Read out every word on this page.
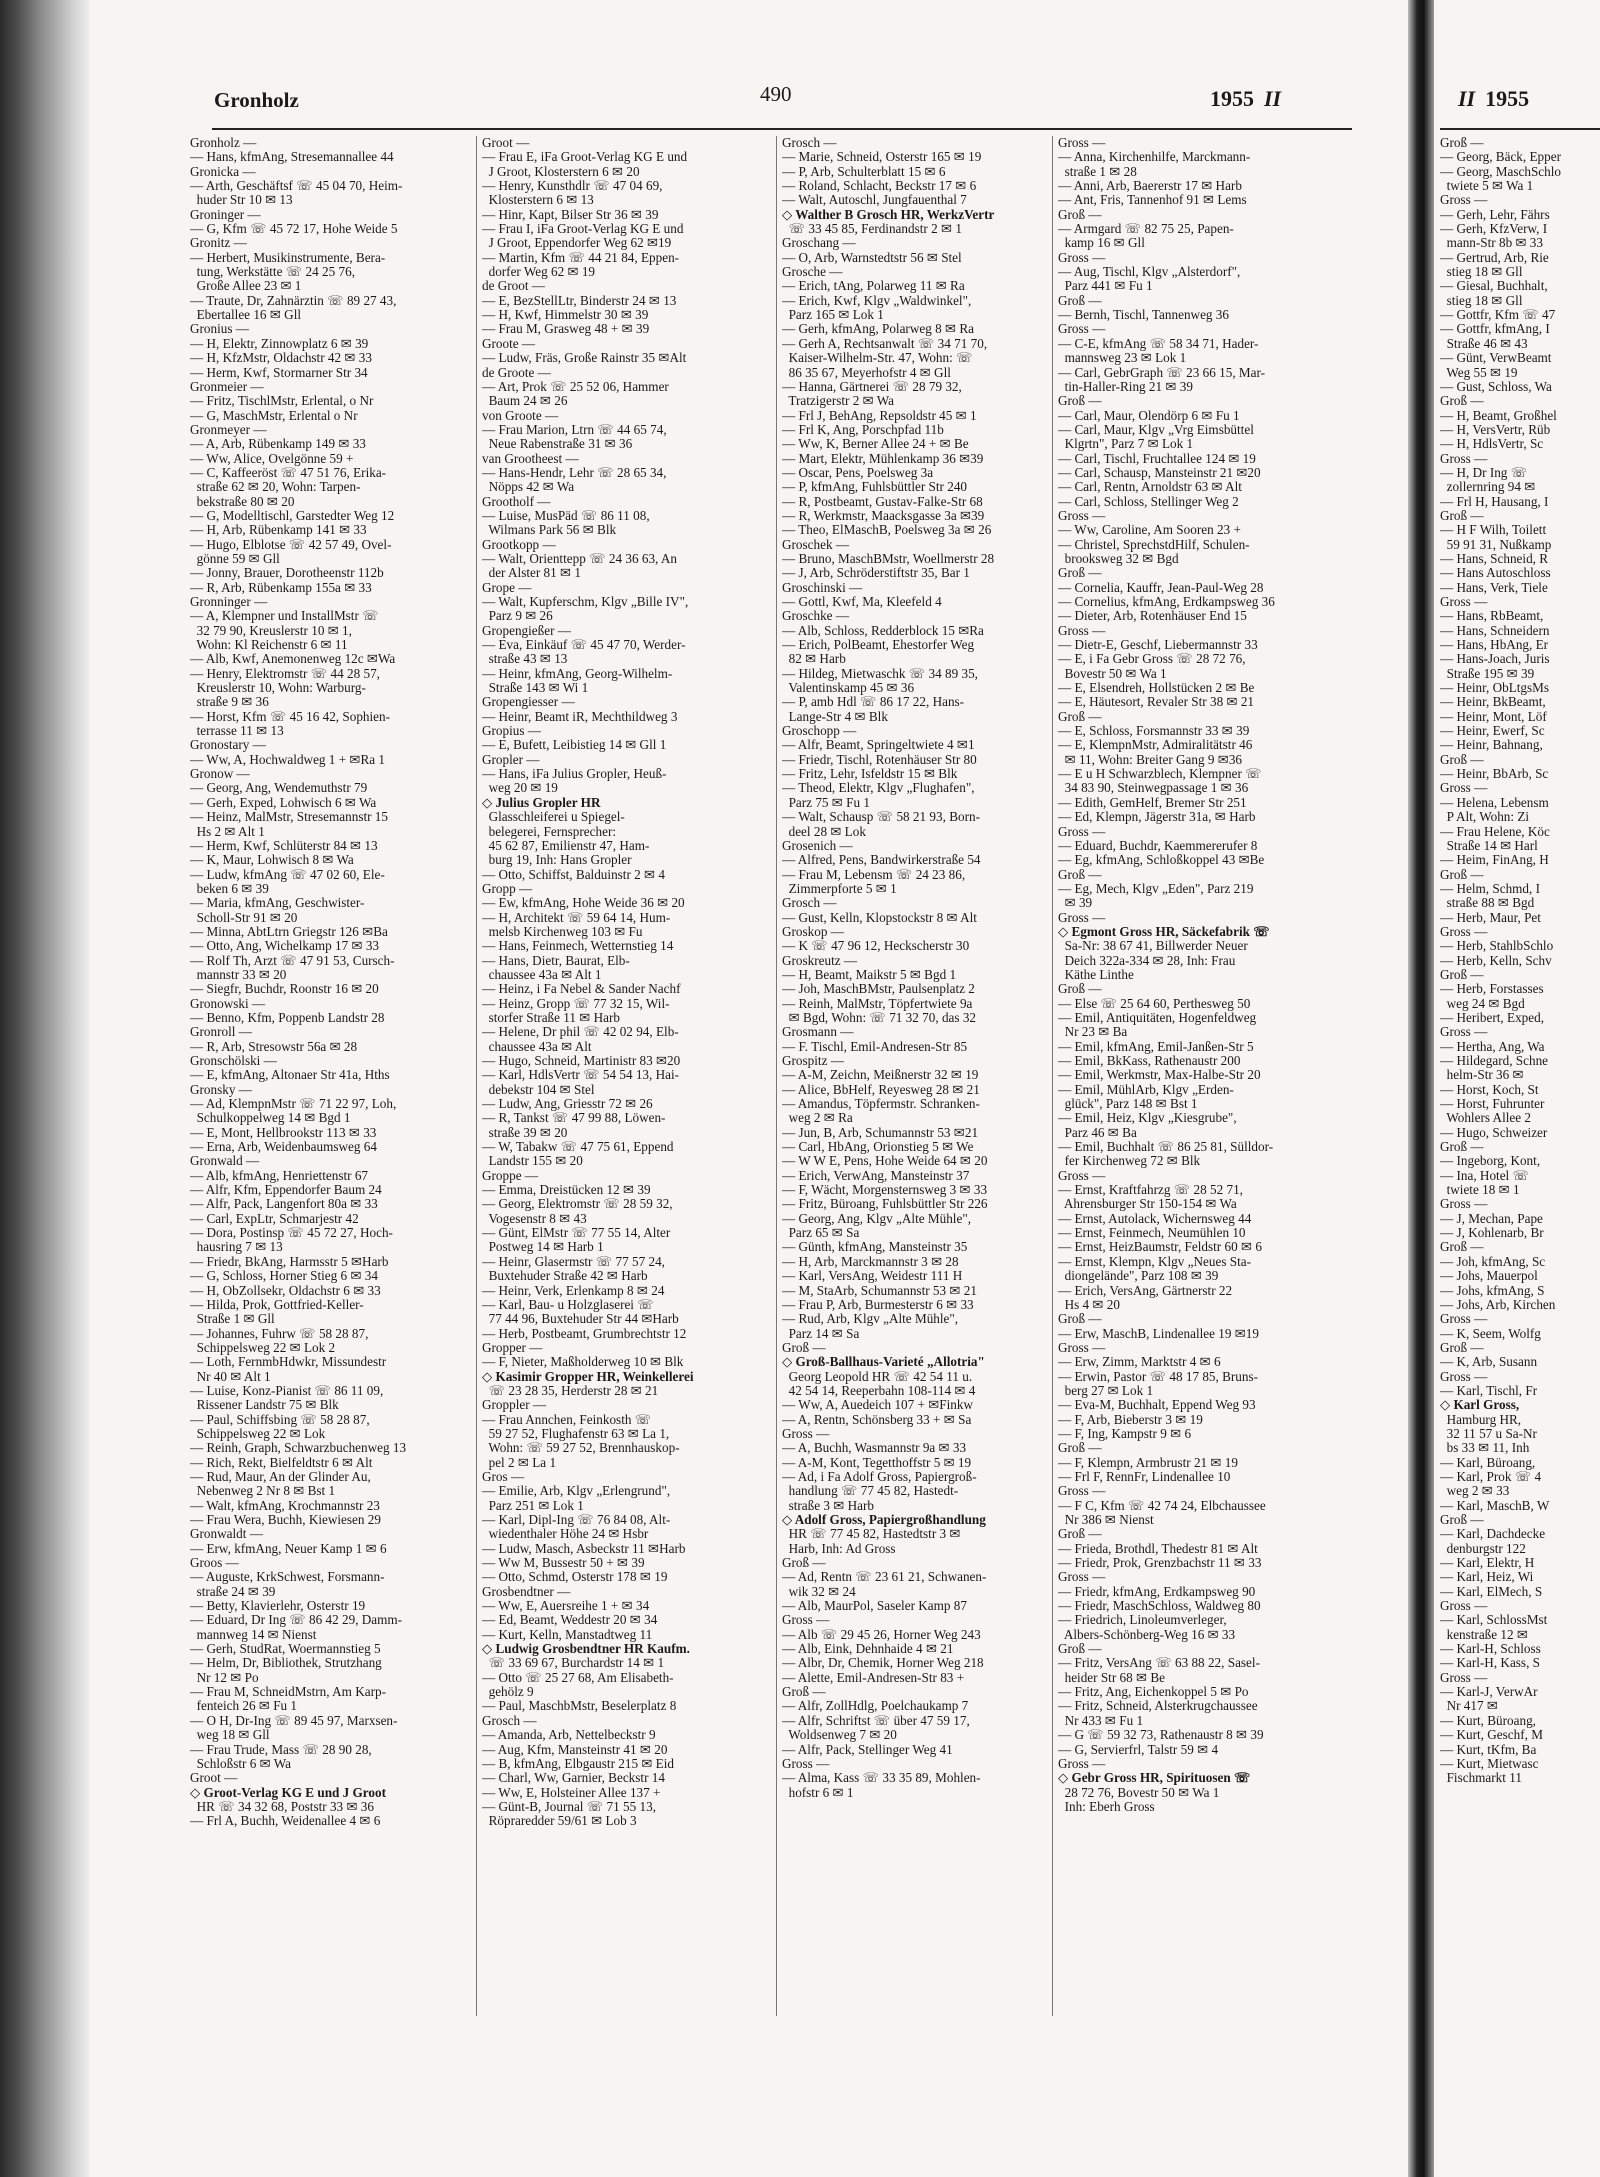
Gronholz	490	1955 II	II 1955
Gronholz —
— Hans, kfmAng, Stresemannallee 44
Gronicka —
— Arth, Geschäftsf ☏ 45 04 70, Heim-
huder Str 10 ✉ 13
Groninger —
— G, Kfm ☏ 45 72 17, Hohe Weide 5
Gronitz —
— Herbert, Musikinstrumente, Bera-
tung, Werkstätte ☏ 24 25 76,
Große Allee 23 ✉ 1
— Traute, Dr, Zahnärztin ☏ 89 27 43,
Ebertallee 16 ✉ Gll
Gronius —
— H, Elektr, Zinnowplatz 6 ✉ 39
— H, KfzMstr, Oldachstr 42 ✉ 33
— Herm, Kwf, Stormarner Str 34
Gronmeier —
— Fritz, TischlMstr, Erlental, o Nr
— G, MaschMstr, Erlental o Nr
Gronmeyer —
— A, Arb, Rübenkamp 149 ✉ 33
— Ww, Alice, Ovelgönne 59 +
— C, Kaffeeröst ☏ 47 51 76, Erika-
straße 62 ✉ 20, Wohn: Tarpen-
bekstraße 80 ✉ 20
— G, Modelltischl, Garstedter Weg 12
— H, Arb, Rübenkamp 141 ✉ 33
— Hugo, Elblotse ☏ 42 57 49, Ovel-
gönne 59 ✉ Gll
— Jonny, Brauer, Dorotheenstr 112b
— R, Arb, Rübenkamp 155a ✉ 33
Gronninger —
— A, Klempner und InstallMstr ☏
32 79 90, Kreuslerstr 10 ✉ 1,
Wohn: Kl Reichenstr 6 ✉ 11
— Alb, Kwf, Anemonenweg 12c ✉Wa
— Henry, Elektromstr ☏ 44 28 57,
Kreuslerstr 10, Wohn: Warburg-
straße 9 ✉ 36
— Horst, Kfm ☏ 45 16 42, Sophien-
terrasse 11 ✉ 13
Gronostary —
— Ww, A, Hochwaldweg 1 + ✉Ra 1
Gronow —
— Georg, Ang, Wendemuthstr 79
— Gerh, Exped, Lohwisch 6 ✉ Wa
— Heinz, MalMstr, Stresemannstr 15
Hs 2 ✉ Alt 1
— Herm, Kwf, Schlüterstr 84 ✉ 13
— K, Maur, Lohwisch 8 ✉ Wa
— Ludw, kfmAng ☏ 47 02 60, Ele-
beken 6 ✉ 39
— Maria, kfmAng, Geschwister-
Scholl-Str 91 ✉ 20
— Minna, AbtLtrn Griegstr 126 ✉Ba
— Otto, Ang, Wichelkamp 17 ✉ 33
— Rolf Th, Arzt ☏ 47 91 53, Cursch-
mannstr 33 ✉ 20
— Siegfr, Buchdr, Roonstr 16 ✉ 20
Gronowski —
— Benno, Kfm, Poppenb Landstr 28
Gronroll —
— R, Arb, Stresowstr 56a ✉ 28
Gronschölski —
— E, kfmAng, Altonaer Str 41a, Hths
Gronsky —
— Ad, KlempnMstr ☏ 71 22 97, Loh,
Schulkoppelweg 14 ✉ Bgd 1
— E, Mont, Hellbrookstr 113 ✉ 33
— Erna, Arb, Weidenbaumsweg 64
Gronwald —
— Alb, kfmAng, Henriettenstr 67
— Alfr, Kfm, Eppendorfer Baum 24
— Alfr, Pack, Langenfort 80a ✉ 33
— Carl, ExpLtr, Schmarjestr 42
— Dora, Postinsp ☏ 45 72 27, Hoch-
hausring 7 ✉ 13
— Friedr, BkAng, Harmsstr 5 ✉Harb
— G, Schloss, Horner Stieg 6 ✉ 34
— H, ObZollsekr, Oldachstr 6 ✉ 33
— Hilda, Prok, Gottfried-Keller-
Straße 1 ✉ Gll
— Johannes, Fuhrw ☏ 58 28 87,
Schippelsweg 22 ✉ Lok 2
— Loth, FernmbHdwkr, Missundestr
Nr 40 ✉ Alt 1
— Luise, Konz-Pianist ☏ 86 11 09,
Rissener Landstr 75 ✉ Blk
— Paul, Schiffsbing ☏ 58 28 87,
Schippelsweg 22 ✉ Lok
— Reinh, Graph, Schwarzbuchenweg 13
— Rich, Rekt, Bielfeldtstr 6 ✉ Alt
— Rud, Maur, An der Glinder Au,
Nebenweg 2 Nr 8 ✉ Bst 1
— Walt, kfmAng, Krochmannstr 23
— Frau Wera, Buchh, Kiewiesen 29
Gronwaldt —
— Erw, kfmAng, Neuer Kamp 1 ✉ 6
Groos —
— Auguste, KrkSchwest, Forsmann-
straße 24 ✉ 39
— Betty, Klavierlehr, Osterstr 19
— Eduard, Dr Ing ☏ 86 42 29, Damm-
mannweg 14 ✉ Nienst
— Gerh, StudRat, Woermannstieg 5
— Helm, Dr, Bibliothek, Strutzhang
Nr 12 ✉ Po
— Frau M, SchneidMstrn, Am Karp-
fenteich 26 ✉ Fu 1
— O H, Dr-Ing ☏ 89 45 97, Marxsen-
weg 18 ✉ Gll
— Frau Trude, Mass ☏ 28 90 28,
Schloßstr 6 ✉ Wa
Groot —
◇ Groot-Verlag KG E und J Groot
HR ☏ 34 32 68, Poststr 33 ✉ 36
— Frl A, Buchh, Weidenallee 4 ✉ 6
Groot —
— Frau E, iFa Groot-Verlag KG E und
J Groot, Klosterstern 6 ✉ 20
— Henry, Kunsthdlr ☏ 47 04 69,
Klosterstern 6 ✉ 13
— Hinr, Kapt, Bilser Str 36 ✉ 39
— Frau I, iFa Groot-Verlag KG E und
J Groot, Eppendorfer Weg 62 ✉19
— Martin, Kfm ☏ 44 21 84, Eppen-
dorfer Weg 62 ✉ 19
de Groot —
— E, BezStellLtr, Binderstr 24 ✉ 13
— H, Kwf, Himmelstr 30 ✉ 39
— Frau M, Grasweg 48 + ✉ 39
Groote —
— Ludw, Fräs, Große Rainstr 35 ✉Alt
de Groote —
— Art, Prok ☏ 25 52 06, Hammer
Baum 24 ✉ 26
von Groote —
— Frau Marion, Ltrn ☏ 44 65 74,
Neue Rabenstraße 31 ✉ 36
van Grootheest —
— Hans-Hendr, Lehr ☏ 28 65 34,
Nöpps 42 ✉ Wa
Grootholf —
— Luise, MusPäd ☏ 86 11 08,
Wilmans Park 56 ✉ Blk
Grootkopp —
— Walt, Orienttepp ☏ 24 36 63, An
der Alster 81 ✉ 1
Grope —
— Walt, Kupferschm, Klgv „Bille IV",
Parz 9 ✉ 26
Gropengießer —
— Eva, Einkäuf ☏ 45 47 70, Werder-
straße 43 ✉ 13
— Heinr, kfmAng, Georg-Wilhelm-
Straße 143 ✉ Wi 1
Gropengiesser —
— Heinr, Beamt iR, Mechthildweg 3
Gropius —
— E, Bufett, Leibistieg 14 ✉ Gll 1
Gropler —
— Hans, iFa Julius Gropler, Heuß-
weg 20 ✉ 19
◇ Julius Gropler HR
Glasschleiferei u Spiegel-
belegerei, Fernsprecher:
45 62 87, Emilienstr 47, Ham-
burg 19, Inh: Hans Gropler
— Otto, Schiffst, Balduinstr 2 ✉ 4
Gropp —
— Ew, kfmAng, Hohe Weide 36 ✉ 20
— H, Architekt ☏ 59 64 14, Hum-
melsb Kirchenweg 103 ✉ Fu
— Hans, Feinmech, Wetternstieg 14
— Hans, Dietr, Baurat, Elb-
chaussee 43a ✉ Alt 1
— Heinz, i Fa Nebel & Sander Nachf
— Heinz, Gropp ☏ 77 32 15, Wil-
storfer Straße 11 ✉ Harb
— Helene, Dr phil ☏ 42 02 94, Elb-
chaussee 43a ✉ Alt
— Hugo, Schneid, Martinistr 83 ✉20
— Karl, HdlsVertr ☏ 54 54 13, Hai-
debekstr 104 ✉ Stel
— Ludw, Ang, Griesstr 72 ✉ 26
— R, Tankst ☏ 47 99 88, Löwen-
straße 39 ✉ 20
— W, Tabakw ☏ 47 75 61, Eppend
Landstr 155 ✉ 20
Groppe —
— Emma, Dreistücken 12 ✉ 39
— Georg, Elektromstr ☏ 28 59 32,
Vogesenstr 8 ✉ 43
— Günt, ElMstr ☏ 77 55 14, Alter
Postweg 14 ✉ Harb 1
— Heinr, Glasermstr ☏ 77 57 24,
Buxtehuder Straße 42 ✉ Harb
— Heinr, Verk, Erlenkamp 8 ✉ 24
— Karl, Bau- u Holzglaserei ☏
77 44 96, Buxtehuder Str 44 ✉Harb
— Herb, Postbeamt, Grumbrechtstr 12
Gropper —
— F, Nieter, Maßholderweg 10 ✉ Blk
◇ Kasimir Gropper HR, Weinkellerei
☏ 23 28 35, Herderstr 28 ✉ 21
Groppler —
— Frau Annchen, Feinkosth ☏
59 27 52, Flughafenstr 63 ✉ La 1,
Wohn: ☏ 59 27 52, Brennhauskop-
pel 2 ✉ La 1
Gros —
— Emilie, Arb, Klgv „Erlengrund",
Parz 251 ✉ Lok 1
— Karl, Dipl-Ing ☏ 76 84 08, Alt-
wiedenthaler Höhe 24 ✉ Hsbr
— Ludw, Masch, Asbeckstr 11 ✉Harb
— Ww M, Bussestr 50 + ✉ 39
— Otto, Schmd, Osterstr 178 ✉ 19
Grosbendtner —
— Ww, E, Auersreihe 1 + ✉ 34
— Ed, Beamt, Weddestr 20 ✉ 34
— Kurt, Kelln, Manstadtweg 11
◇ Ludwig Grosbendtner HR Kaufm.
☏ 33 69 67, Burchardstr 14 ✉ 1
— Otto ☏ 25 27 68, Am Elisabeth-
gehölz 9
— Paul, MaschbMstr, Beselerplatz 8
Grosch —
— Amanda, Arb, Nettelbeckstr 9
— Aug, Kfm, Mansteinstr 41 ✉ 20
— B, kfmAng, Elbgaustr 215 ✉ Eid
— Charl, Ww, Garnier, Beckstr 14
— Ww, E, Holsteiner Allee 137 +
— Günt-B, Journal ☏ 71 55 13,
Röpraredder 59/61 ✉ Lob 3
Grosch —
— Marie, Schneid, Osterstr 165 ✉ 19
— P, Arb, Schulterblatt 15 ✉ 6
— Roland, Schlacht, Beckstr 17 ✉ 6
— Walt, Autoschl, Jungfauenthal 7
◇ Walther B Grosch HR, WerkzVertr
☏ 33 45 85, Ferdinandstr 2 ✉ 1
Groschang —
— O, Arb, Warnstedtstr 56 ✉ Stel
Grosche —
— Erich, tAng, Polarweg 11 ✉ Ra
— Erich, Kwf, Klgv „Waldwinkel",
Parz 165 ✉ Lok 1
— Gerh, kfmAng, Polarweg 8 ✉ Ra
— Gerh A, Rechtsanwalt ☏ 34 71 70,
Kaiser-Wilhelm-Str. 47, Wohn: ☏
86 35 67, Meyerhofstr 4 ✉ Gll
— Hanna, Gärtnerei ☏ 28 79 32,
Tratzigerstr 2 ✉ Wa
— Frl J, BehAng, Repsoldstr 45 ✉ 1
— Frl K, Ang, Porschpfad 11b
— Ww, K, Berner Allee 24 + ✉ Be
— Mart, Elektr, Mühlenkamp 36 ✉39
— Oscar, Pens, Poelsweg 3a
— P, kfmAng, Fuhlsbüttler Str 240
— R, Postbeamt, Gustav-Falke-Str 68
— R, Werkmstr, Maacksgasse 3a ✉39
— Theo, ElMaschB, Poelsweg 3a ✉ 26
Groschek —
— Bruno, MaschBMstr, Woellmerstr 28
— J, Arb, Schröderstiftstr 35, Bar 1
Groschinski —
— Gottl, Kwf, Ma, Kleefeld 4
Groschke —
— Alb, Schloss, Redderblock 15 ✉Ra
— Erich, PolBeamt, Ehestorfer Weg
82 ✉ Harb
— Hildeg, Mietwaschk ☏ 34 89 35,
Valentinskamp 45 ✉ 36
— P, amb Hdl ☏ 86 17 22, Hans-
Lange-Str 4 ✉ Blk
Groschopp —
— Alfr, Beamt, Springeltwiete 4 ✉1
— Friedr, Tischl, Rotenhäuser Str 80
— Fritz, Lehr, Isfeldstr 15 ✉ Blk
— Theod, Elektr, Klgv „Flughafen",
Parz 75 ✉ Fu 1
— Walt, Schausp ☏ 58 21 93, Born-
deel 28 ✉ Lok
Grosenich —
— Alfred, Pens, Bandwirkerstraße 54
— Frau M, Lebensm ☏ 24 23 86,
Zimmerpforte 5 ✉ 1
Grosch —
— Gust, Kelln, Klopstockstr 8 ✉ Alt
Groskop —
— K ☏ 47 96 12, Heckscherstr 30
Groskreutz —
— H, Beamt, Maikstr 5 ✉ Bgd 1
— Joh, MaschBMstr, Paulsenplatz 2
— Reinh, MalMstr, Töpfertwiete 9a
✉ Bgd, Wohn: ☏ 71 32 70, das 32
Grosmann —
— F. Tischl, Emil-Andresen-Str 85
Grospitz —
— A-M, Zeichn, Meißnerstr 32 ✉ 19
— Alice, BbHelf, Reyesweg 28 ✉ 21
— Amandus, Töpfermstr. Schranken-
weg 2 ✉ Ra
— Jun, B, Arb, Schumannstr 53 ✉21
— Carl, HbAng, Orionstieg 5 ✉ We
— W W E, Pens, Hohe Weide 64 ✉ 20
— Erich, VerwAng, Mansteinstr 37
— F, Wächt, Morgensternsweg 3 ✉ 33
— Fritz, Büroang, Fuhlsbüttler Str 226
— Georg, Ang, Klgv „Alte Mühle",
Parz 65 ✉ Sa
— Günth, kfmAng, Mansteinstr 35
— H, Arb, Marckmannstr 3 ✉ 28
— Karl, VersAng, Weidestr 111 H
— M, StaArb, Schumannstr 53 ✉ 21
— Frau P, Arb, Burmesterstr 6 ✉ 33
— Rud, Arb, Klgv „Alte Mühle",
Parz 14 ✉ Sa
Groß —
◇ Groß-Ballhaus-Varieté „Allotria"
Georg Leopold HR ☏ 42 54 11 u.
42 54 14, Reeperbahn 108-114 ✉ 4
— Ww, A, Auedeich 107 + ✉Finkw
— A, Rentn, Schönsberg 33 + ✉ Sa
Gross —
— A, Buchh, Wasmannstr 9a ✉ 33
— A-M, Kont, Tegetthoffstr 5 ✉ 19
— Ad, i Fa Adolf Gross, Papiergroß-
handlung ☏ 77 45 82, Hastedt-
straße 3 ✉ Harb
◇ Adolf Gross, Papiergroßhandlung
HR ☏ 77 45 82, Hastedtstr 3 ✉
Harb, Inh: Ad Gross
Groß —
— Ad, Rentn ☏ 23 61 21, Schwanen-
wik 32 ✉ 24
— Alb, MaurPol, Saseler Kamp 87
Gross —
— Alb ☏ 29 45 26, Horner Weg 243
— Alb, Eink, Dehnhaide 4 ✉ 21
— Albr, Dr, Chemik, Horner Weg 218
— Alette, Emil-Andresen-Str 83 +
Groß —
— Alfr, ZollHdlg, Poelchaukamp 7
— Alfr, Schriftst ☏ über 47 59 17,
Woldsenweg 7 ✉ 20
— Alfr, Pack, Stellinger Weg 41
Gross —
— Alma, Kass ☏ 33 35 89, Mohlen-
hofstr 6 ✉ 1
Gross —
— Anna, Kirchenhilfe, Marckmann-
straße 1 ✉ 28
— Anni, Arb, Baererstr 17 ✉ Harb
— Ant, Fris, Tannenhof 91 ✉ Lems
Groß —
— Armgard ☏ 82 75 25, Papen-
kamp 16 ✉ Gll
Gross —
— Aug, Tischl, Klgv „Alsterdorf",
Parz 441 ✉ Fu 1
Groß —
— Bernh, Tischl, Tannenweg 36
Gross —
— C-E, kfmAng ☏ 58 34 71, Hader-
mannsweg 23 ✉ Lok 1
— Carl, GebrGraph ☏ 23 66 15, Mar-
tin-Haller-Ring 21 ✉ 39
Groß —
— Carl, Maur, Olendörp 6 ✉ Fu 1
— Carl, Maur, Klgv „Vrg Eimsbüttel
Klgrtn", Parz 7 ✉ Lok 1
— Carl, Tischl, Fruchtallee 124 ✉ 19
— Carl, Schausp, Mansteinstr 21 ✉20
— Carl, Rentn, Arnoldstr 63 ✉ Alt
— Carl, Schloss, Stellinger Weg 2
Gross —
— Ww, Caroline, Am Sooren 23 +
— Christel, SprechstdHilf, Schulen-
brooksweg 32 ✉ Bgd
Groß —
— Cornelia, Kauffr, Jean-Paul-Weg 28
— Cornelius, kfmAng, Erdkampsweg 36
— Dieter, Arb, Rotenhäuser End 15
Gross —
— Dietr-E, Geschf, Liebermannstr 33
— E, i Fa Gebr Gross ☏ 28 72 76,
Bovestr 50 ✉ Wa 1
— E, Elsendreh, Hollstücken 2 ✉ Be
— E, Häutesort, Revaler Str 38 ✉ 21
Groß —
— E, Schloss, Forsmannstr 33 ✉ 39
— E, KlempnMstr, Admiralitätstr 46
✉ 11, Wohn: Breiter Gang 9 ✉36
— E u H Schwarzblech, Klempner ☏
34 83 90, Steinwegpassage 1 ✉ 36
— Edith, GemHelf, Bremer Str 251
— Ed, Klempn, Jägerstr 31a, ✉ Harb
Gross —
— Eduard, Buchdr, Kaemmererufer 8
— Eg, kfmAng, Schloßkoppel 43 ✉Be
Groß —
— Eg, Mech, Klgv „Eden", Parz 219
✉ 39
Gross —
◇ Egmont Gross HR, Säckefabrik ☏
Sa-Nr: 38 67 41, Billwerder Neuer
Deich 322a-334 ✉ 28, Inh: Frau
Käthe Linthe
Groß —
— Else ☏ 25 64 60, Perthesweg 50
— Emil, Antiquitäten, Hogenfeldweg
Nr 23 ✉ Ba
— Emil, kfmAng, Emil-Janßen-Str 5
— Emil, BkKass, Rathenaustr 200
— Emil, Werkmstr, Max-Halbe-Str 20
— Emil, MühlArb, Klgv „Erden-
glück", Parz 148 ✉ Bst 1
— Emil, Heiz, Klgv „Kiesgrube",
Parz 46 ✉ Ba
— Emil, Buchhalt ☏ 86 25 81, Sülldor-
fer Kirchenweg 72 ✉ Blk
Gross —
— Ernst, Kraftfahrzg ☏ 28 52 71,
Ahrensburger Str 150-154 ✉ Wa
— Ernst, Autolack, Wichernsweg 44
— Ernst, Feinmech, Neumühlen 10
— Ernst, HeizBaumstr, Feldstr 60 ✉ 6
— Ernst, Klempn, Klgv „Neues Sta-
diongelände", Parz 108 ✉ 39
— Erich, VersAng, Gärtnerstr 22
Hs 4 ✉ 20
Groß —
— Erw, MaschB, Lindenallee 19 ✉19
Gross —
— Erw, Zimm, Marktstr 4 ✉ 6
— Erwin, Pastor ☏ 48 17 85, Bruns-
berg 27 ✉ Lok 1
— Eva-M, Buchhalt, Eppend Weg 93
— F, Arb, Bieberstr 3 ✉ 19
— F, Ing, Kampstr 9 ✉ 6
Groß —
— F, Klempn, Armbrustr 21 ✉ 19
— Frl F, RennFr, Lindenallee 10
Gross —
— F C, Kfm ☏ 42 74 24, Elbchaussee
Nr 386 ✉ Nienst
Groß —
— Frieda, Brothdl, Thedestr 81 ✉ Alt
— Friedr, Prok, Grenzbachstr 11 ✉ 33
Gross —
— Friedr, kfmAng, Erdkampsweg 90
— Friedr, MaschSchloss, Waldweg 80
— Friedrich, Linoleumverleger,
Albers-Schönberg-Weg 16 ✉ 33
Groß —
— Fritz, VersAng ☏ 63 88 22, Sasel-
heider Str 68 ✉ Be
— Fritz, Ang, Eichenkoppel 5 ✉ Po
— Fritz, Schneid, Alsterkrugchaussee
Nr 433 ✉ Fu 1
— G ☏ 59 32 73, Rathenaustr 8 ✉ 39
— G, Servierfrl, Talstr 59 ✉ 4
Gross —
◇ Gebr Gross HR, Spirituosen ☏
28 72 76, Bovestr 50 ✉ Wa 1
Inh: Eberh Gross
Groß —
— Georg, Bäck, Epper
— Georg, MaschSchlo
twiete 5 ✉ Wa 1
Gross —
— Gerh, Lehr, Fährs
— Gerh, KfzVerw, I
mann-Str 8b ✉ 33
— Gertrud, Arb, Rie
stieg 18 ✉ Gll
— Giesal, Buchhalt,
stieg 18 ✉ Gll
— Gottfr, Kfm ☏ 47
— Gottfr, kfmAng, I
Straße 46 ✉ 43
— Günt, VerwBeamt
Weg 55 ✉ 19
— Gust, Schloss, Wa
Groß —
— H, Beamt, Großhel
— H, VersVertr, Rüb
— H, HdlsVertr, Sc
Gross —
— H, Dr Ing ☏
zollernring 94 ✉
— Frl H, Hausang, I
Groß —
— H F Wilh, Toilett
59 91 31, Nußkamp
— Hans, Schneid, R
— Hans Autoschloss
— Hans, Verk, Tiele
Gross —
— Hans, RbBeamt,
— Hans, Schneidern
— Hans, HbAng, Er
— Hans-Joach, Juris
Straße 195 ✉ 39
— Heinr, ObLtgsMs
— Heinr, BkBeamt,
— Heinr, Mont, Löf
— Heinr, Ewerf, Sc
— Heinr, Bahnang,
Groß —
— Heinr, BbArb, Sc
Gross —
— Helena, Lebensm
P Alt, Wohn: Zi
— Frau Helene, Köc
Straße 14 ✉ Harl
— Heim, FinAng, H
Groß —
— Helm, Schmd, I
straße 88 ✉ Bgd
— Herb, Maur, Pet
Gross —
— Herb, StahlbSchlo
— Herb, Kelln, Schv
Groß —
— Herb, Forstasses
weg 24 ✉ Bgd
— Heribert, Exped,
Gross —
— Hertha, Ang, Wa
— Hildegard, Schne
helm-Str 36 ✉
— Horst, Koch, St
— Horst, Fuhrunter
Wohlers Allee 2
— Hugo, Schweizer
Groß —
— Ingeborg, Kont,
— Ina, Hotel ☏
twiete 18 ✉ 1
Gross —
— J, Mechan, Pape
— J, Kohlenarb, Br
Groß —
— Joh, kfmAng, Sc
— Johs, Mauerpol
— Johs, kfmAng, S
— Johs, Arb, Kirchen
Gross —
— K, Seem, Wolfg
Groß —
— K, Arb, Susann
Gross —
— Karl, Tischl, Fr
◇ Karl Gross,
Hamburg HR,
32 11 57 u Sa-Nr
bs 33 ✉ 11, Inh
— Karl, Büroang,
— Karl, Prok ☏ 4
weg 2 ✉ 33
— Karl, MaschB, W
Groß —
— Karl, Dachdecke
denburgstr 122
— Karl, Elektr, H
— Karl, Heiz, Wi
— Karl, ElMech, S
Gross —
— Karl, SchlossMst
kenstraße 12 ✉
— Karl-H, Schloss
— Karl-H, Kass, S
Gross —
— Karl-J, VerwAr
Nr 417 ✉
— Kurt, Büroang,
— Kurt, Geschf, M
— Kurt, tKfm, Ba
— Kurt, Mietwasc
Fischmarkt 11
